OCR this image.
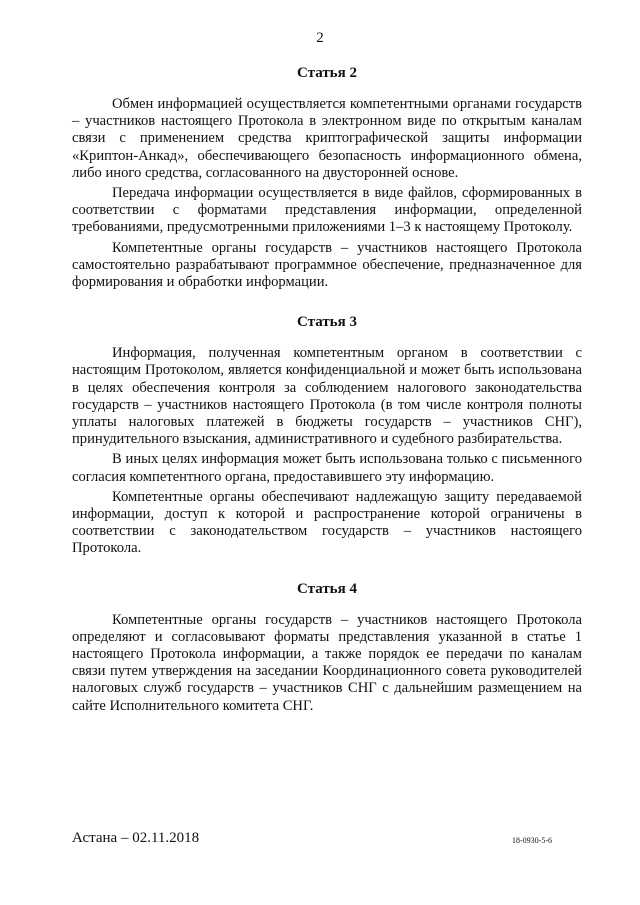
2

Статья 2

Обмен информацией осуществляется компетентными органами государств – участников настоящего Протокола в электронном виде по открытым каналам связи с применением средства криптографической защиты информации «Криптон-Анкад», обеспечивающего безопасность информационного обмена, либо иного средства, согласованного на двусторонней основе.

Передача информации осуществляется в виде файлов, сформированных в соответствии с форматами представления информации, определенной требованиями, предусмотренными приложениями 1–3 к настоящему Протоколу.

Компетентные органы государств – участников настоящего Протокола самостоятельно разрабатывают программное обеспечение, предназначенное для формирования и обработки информации.

Статья 3

Информация, полученная компетентным органом в соответствии с настоящим Протоколом, является конфиденциальной и может быть использована в целях обеспечения контроля за соблюдением налогового законодательства государств – участников настоящего Протокола (в том числе контроля полноты уплаты налоговых платежей в бюджеты государств – участников СНГ), принудительного взыскания, административного и судебного разбирательства.

В иных целях информация может быть использована только с письменного согласия компетентного органа, предоставившего эту информацию.

Компетентные органы обеспечивают надлежащую защиту передаваемой информации, доступ к которой и распространение которой ограничены в соответствии с законодательством государств – участников настоящего Протокола.

Статья 4

Компетентные органы государств – участников настоящего Протокола определяют и согласовывают форматы представления указанной в статье 1 настоящего Протокола информации, а также порядок ее передачи по каналам связи путем утверждения на заседании Координационного совета руководителей налоговых служб государств – участников СНГ с дальнейшим размещением на сайте Исполнительного комитета СНГ.

Астана – 02.11.2018	18-0930-5-6
